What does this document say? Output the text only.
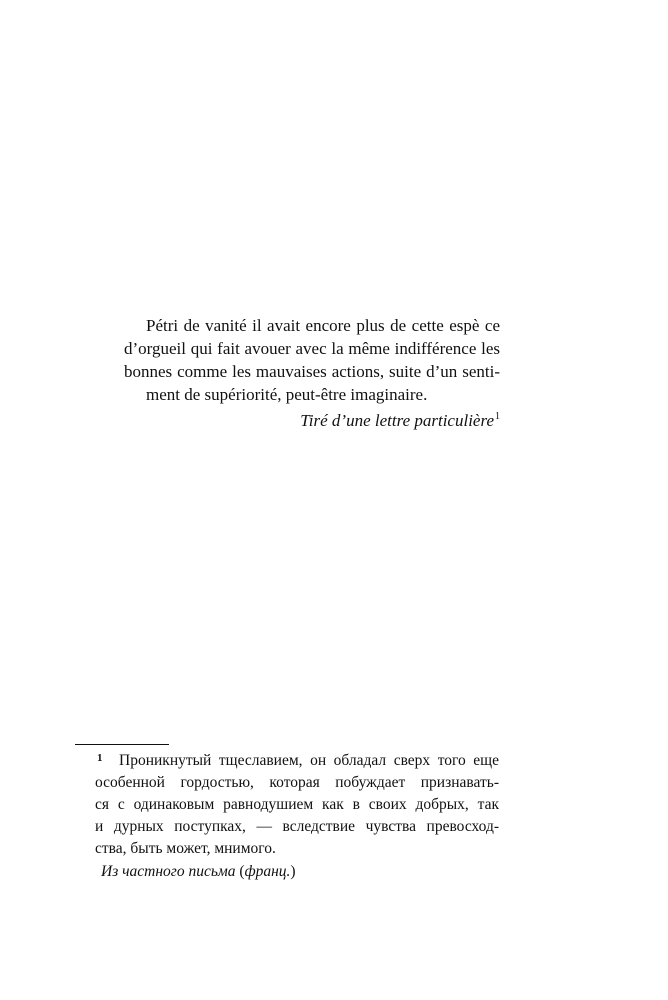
Pétri de vanité il avait encore plus de cette espè ce
d’orgueil qui fait avouer avec la même indifférence les
bonnes comme les mauvaises actions, suite d’un senti-
ment de supériorité, peut-être imaginaire.
Tiré d’une lettre particulière$^1$
1 Проникнутый тщеславием, он обладал сверх того еще
особенной гордостью, которая побуждает признавать-
ся с одинаковым равнодушием как в своих добрых, так
и дурных поступках, — вследствие чувства превосход-
ства, быть может, мнимого.
Из частного письма (франц.)
